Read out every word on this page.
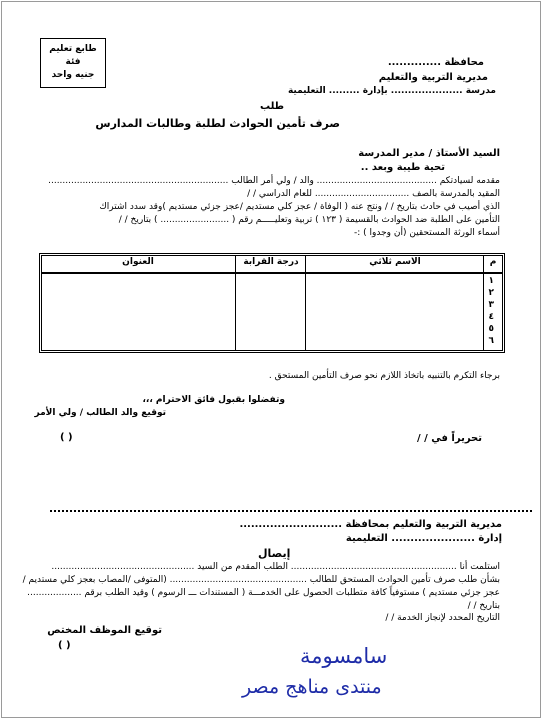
طابع تعليم
فئة
جنيه واحد
محافظة ..............
مديرية التربية والتعليم
مدرسة ..................... بإدارة ......... التعليمية
طلب
صرف تأمين الحوادث لطلبة وطالبات المدارس
السيد الأستاذ / مدير المدرسة
تحية طيبة وبعد ..
مقدمه لسيادتكم .......................................... والد / ولي أمر الطالب ...............................................................
المقيد بالمدرسة بالصف ................................. للعام الدراسي / /
الذي أصيب في حادث بتاريخ / / ونتج عنه ( الوفاة / عجز كلي مستديم /عجز جزئي مستديم )وقد سدد اشتراك
التأمين على الطلبة ضد الحوادث بالقسيمة ( ١٢٣ ) تربية وتعليـــــم رقم ( ........................ ) بتاريخ / /
أسماء الورثة المستحقين (أن وجدوا ) :-
م
الاسم ثلاثي
درجة القرابة
العنوان
١
٢
٣
٤
٥
٦
برجاء التكرم بالتنبيه باتخاذ اللازم نحو صرف التأمين المستحق .
وتفضلوا بقبول فائق الاحترام ،،،
توقيع والد الطالب / ولي الأمر
( )	تحريراً في / /
مديرية التربية والتعليم بمحافظة ...........................
إدارة ...................... التعليمية
إيصال
استلمت أنا .......................................................... الطلب المقدم من السيد ..................................................
بشأن طلب صرف تأمين الحوادث المستحق للطالب ................................................ (المتوفى /المصاب بعجز كلي مستديم /
عجز جزئي مستديم ) مستوفياً كافة متطلبات الحصول على الخدمـــة ( المستندات ـــ الرسوم ) وقيد الطلب برقم ...................
بتاريخ / /
التاريخ المحدد لإنجاز الخدمة / /
توقيع الموظف المختص
( )	سامسومة
منتدى مناهج مصر
